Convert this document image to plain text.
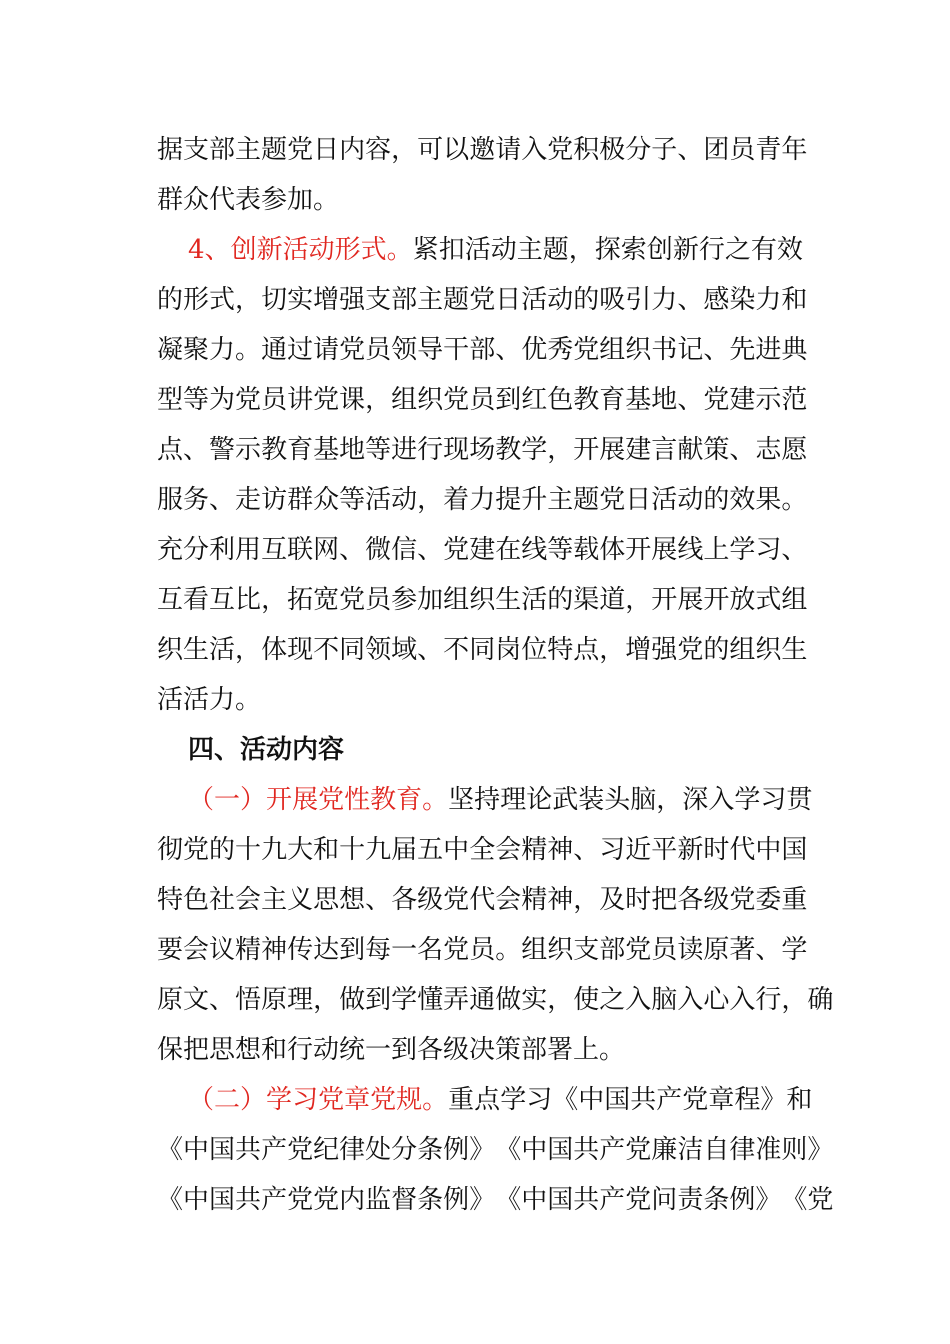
据 支 部 主 题 党 日 内 容 ， 可 以 邀 请 入 党 积 极 分 子 、 团 员 青 年
群众代表参加。
4 、 创 新 活 动 形 式 。 紧 扣 活 动 主 题 ， 探 索 创 新 行 之 有 效
的 形 式 ， 切 实 增 强 支 部 主 题 党 日 活 动 的 吸 引 力 、 感 染 力 和
凝 聚 力 。 通 过 请 党 员 领 导 干 部 、 优 秀 党 组 织 书 记 、 先 进 典
型 等 为 党 员 讲 党 课 ， 组 织 党 员 到 红 色 教 育 基 地 、 党 建 示 范
点 、 警 示 教 育 基 地 等 进 行 现 场 教 学 ， 开 展 建 言 献 策 、 志 愿
服 务 、 走 访 群 众 等 活 动 ， 着 力 提 升 主 题 党 日 活 动 的 效 果 。
充 分 利 用 互 联 网 、 微 信 、 党 建 在 线 等 载 体 开 展 线 上 学 习 、
互 看 互 比 ， 拓 宽 党 员 参 加 组 织 生 活 的 渠 道 ， 开 展 开 放 式 组
织 生 活 ， 体 现 不 同 领 域 、 不 同 岗 位 特 点 ， 增 强 党 的 组 织 生
活活力。
四、活动内容
（ 一 ） 开 展 党 性 教 育 。 坚 持 理 论 武 装 头 脑 ， 深 入 学 习 贯
彻 党 的 十 九 大 和 十 九 届 五 中 全 会 精 神 、 习 近 平 新 时 代 中 国
特 色 社 会 主 义 思 想 、 各 级 党 代 会 精 神 ， 及 时 把 各 级 党 委 重
要 会 议 精 神 传 达 到 每 一 名 党 员 。 组 织 支 部 党 员 读 原 著 、 学
原 文 、 悟 原 理 ， 做 到 学 懂 弄 通 做 实 ， 使 之 入 脑 入 心 入 行 ， 确
保把思想和行动统一到各级决策部署上。
（ 二 ） 学 习 党 章 党 规 。 重 点 学 习 《 中 国 共 产 党 章 程 》 和
《 中 国 共 产 党 纪 律 处 分 条 例 》 《 中 国 共 产 党 廉 洁 自 律 准 则 》
《 中 国 共 产 党 党 内 监 督 条 例 》 《 中 国 共 产 党 问 责 条 例 》 《 党
